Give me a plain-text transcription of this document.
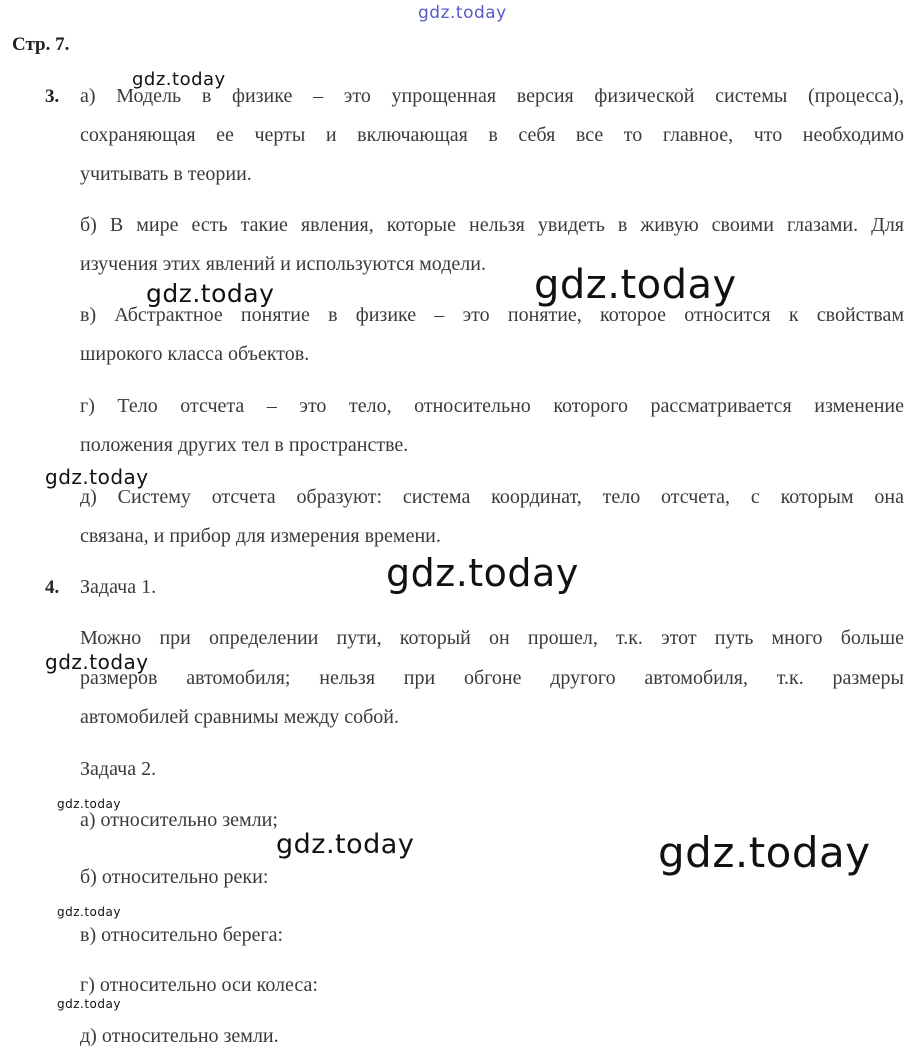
gdz.today
gdz.today
gdz.today	gdz.today
gdz.today
gdz.today
gdz.today
gdz.today
gdz.today	gdz.today
gdz.today
gdz.today
Стр. 7.
3. а) Модель в физике – это упрощенная версия физической системы (процесса),
сохраняющая ее черты и включающая в себя все то главное, что необходимо
учитывать в теории.
б) В мире есть такие явления, которые нельзя увидеть в живую своими глазами. Для
изучения этих явлений и используются модели.
в) Абстрактное понятие в физике – это понятие, которое относится к свойствам
широкого класса объектов.
г) Тело отсчета – это тело, относительно которого рассматривается изменение
положения других тел в пространстве.
д) Систему отсчета образуют: система координат, тело отсчета, с которым она
связана, и прибор для измерения времени.
4. Задача 1.
Можно при определении пути, который он прошел, т.к. этот путь много больше
размеров автомобиля; нельзя при обгоне другого автомобиля, т.к. размеры
автомобилей сравнимы между собой.
Задача 2.
а) относительно земли;
б) относительно реки:
в) относительно берега:
г) относительно оси колеса:
д) относительно земли.
